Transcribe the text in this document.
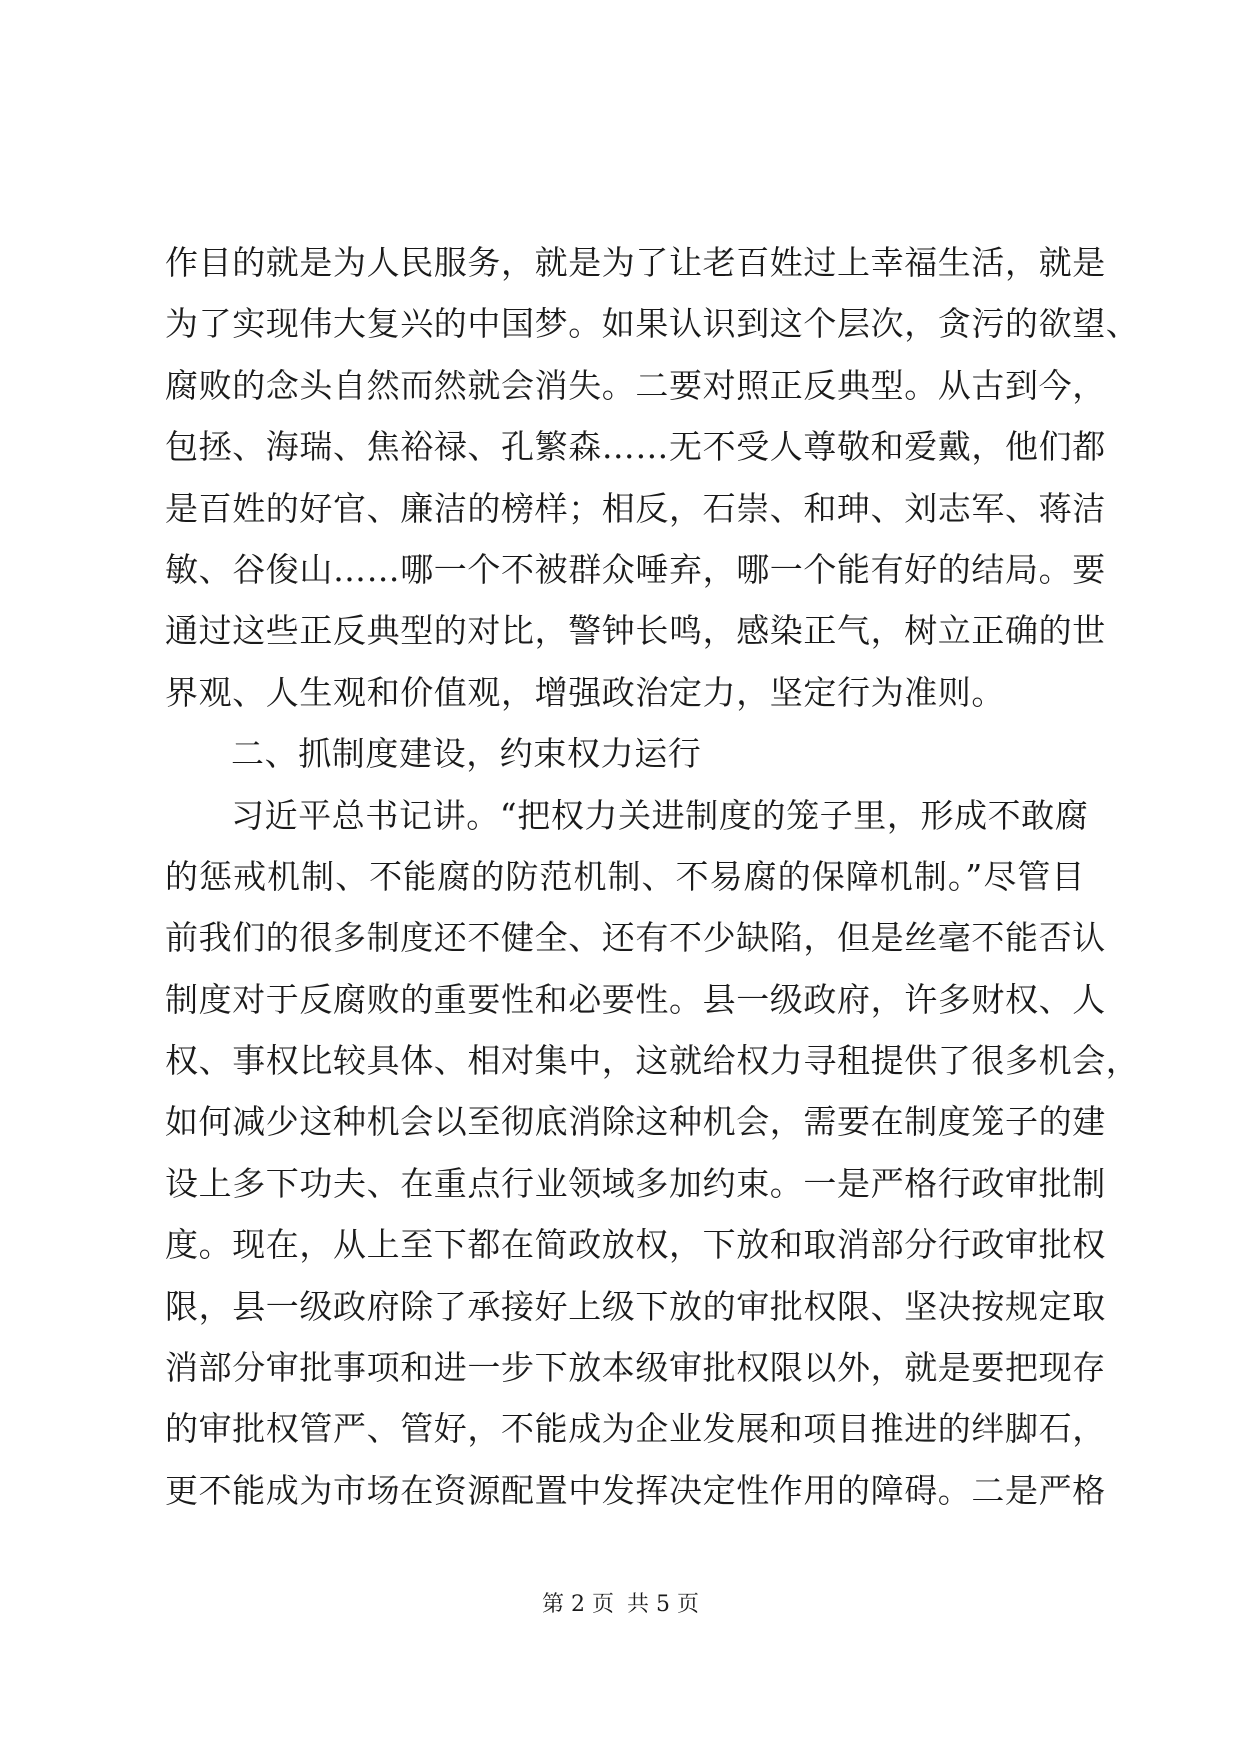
作目的就是为人民服务，就是为了让老百姓过上幸福生活，就是
为了实现伟大复兴的中国梦。如果认识到这个层次，贪污的欲望、
腐败的念头自然而然就会消失。二要对照正反典型。从古到今，
包拯、海瑞、焦裕禄、孔繁森……无不受人尊敬和爱戴，他们都
是百姓的好官、廉洁的榜样；相反，石崇、和珅、刘志军、蒋洁
敏、谷俊山……哪一个不被群众唾弃，哪一个能有好的结局。要
通过这些正反典型的对比，警钟长鸣，感染正气，树立正确的世
界观、人生观和价值观，增强政治定力，坚定行为准则。
二、抓制度建设，约束权力运行
习近平总书记讲。“把权力关进制度的笼子里，形成不敢腐
的惩戒机制、不能腐的防范机制、不易腐的保障机制。”尽管目
前我们的很多制度还不健全、还有不少缺陷，但是丝毫不能否认
制度对于反腐败的重要性和必要性。县一级政府，许多财权、人
权、事权比较具体、相对集中，这就给权力寻租提供了很多机会，
如何减少这种机会以至彻底消除这种机会，需要在制度笼子的建
设上多下功夫、在重点行业领域多加约束。一是严格行政审批制
度。现在，从上至下都在简政放权，下放和取消部分行政审批权
限，县一级政府除了承接好上级下放的审批权限、坚决按规定取
消部分审批事项和进一步下放本级审批权限以外，就是要把现存
的审批权管严、管好，不能成为企业发展和项目推进的绊脚石，
更不能成为市场在资源配置中发挥决定性作用的障碍。二是严格
第 2 页 共 5 页
